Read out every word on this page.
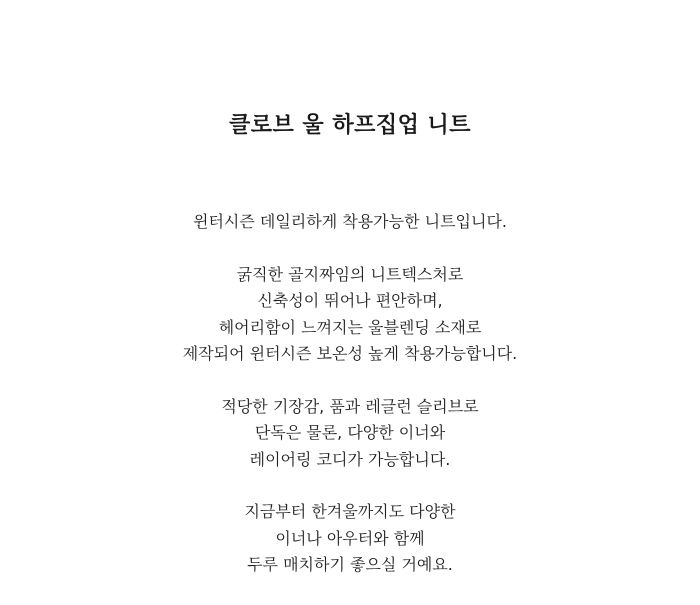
클로브 울 하프집업 니트

윈터시즌 데일리하게 착용가능한 니트입니다.

굵직한 골지짜임의 니트텍스처로
신축성이 뛰어나 편안하며,
헤어리함이 느껴지는 울블렌딩 소재로
제작되어 윈터시즌 보온성 높게 착용가능합니다.

적당한 기장감, 품과 레글런 슬리브로
단독은 물론, 다양한 이너와
레이어링 코디가 가능합니다.

지금부터 한겨울까지도 다양한
이너나 아우터와 함께
두루 매치하기 좋으실 거예요.
